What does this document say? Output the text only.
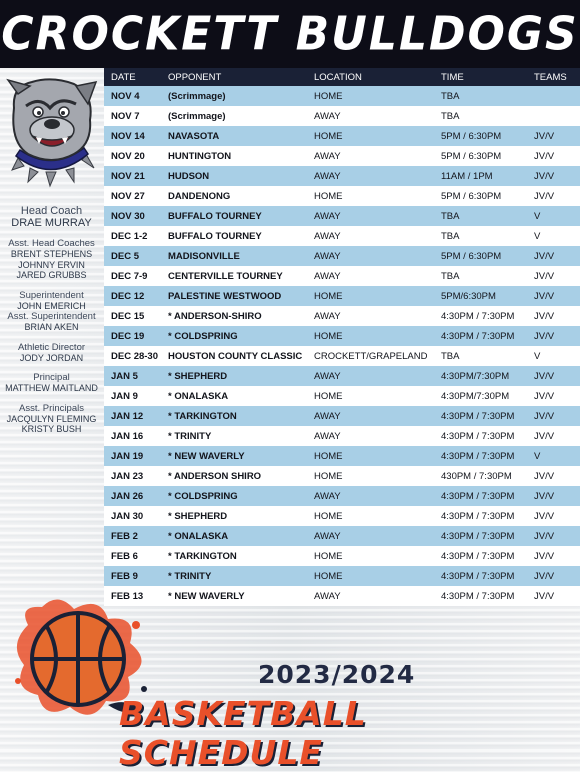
CROCKETT BULLDOGS
Head Coach
DRAE MURRAY
Asst. Head Coaches
BRENT STEPHENS
JOHNNY ERVIN
JARED GRUBBS
Superintendent
JOHN EMERICH
Asst. Superintendent
BRIAN AKEN
Athletic Director
JODY JORDAN
Principal
MATTHEW MAITLAND
Asst. Principals
JACQULYN FLEMING
KRISTY BUSH
DATE	OPPONENT	LOCATION	TIME	TEAMS
NOV 4	(Scrimmage)	HOME	TBA
NOV 7	(Scrimmage)	AWAY	TBA
NOV 14	NAVASOTA	HOME	5PM / 6:30PM	JV/V
NOV 20	HUNTINGTON	AWAY	5PM / 6:30PM	JV/V
NOV 21	HUDSON	AWAY	11AM / 1PM	JV/V
NOV 27	DANDENONG	HOME	5PM / 6:30PM	JV/V
NOV 30	BUFFALO TOURNEY	AWAY	TBA	V
DEC 1-2	BUFFALO TOURNEY	AWAY	TBA	V
DEC 5	MADISONVILLE	AWAY	5PM / 6:30PM	JV/V
DEC 7-9	CENTERVILLE TOURNEY	AWAY	TBA	JV/V
DEC 12	PALESTINE WESTWOOD	HOME	5PM/6:30PM	JV/V
DEC 15	* ANDERSON-SHIRO	AWAY	4:30PM / 7:30PM	JV/V
DEC 19	* COLDSPRING	HOME	4:30PM / 7:30PM	JV/V
DEC 28-30	HOUSTON COUNTY CLASSIC	CROCKETT/GRAPELAND	TBA	V
JAN 5	* SHEPHERD	AWAY	4:30PM/7:30PM	JV/V
JAN 9	* ONALASKA	HOME	4:30PM/7:30PM	JV/V
JAN 12	* TARKINGTON	AWAY	4:30PM / 7:30PM	JV/V
JAN 16	* TRINITY	AWAY	4:30PM / 7:30PM	JV/V
JAN 19	* NEW WAVERLY	HOME	4:30PM / 7:30PM	V
JAN 23	* ANDERSON SHIRO	HOME	430PM / 7:30PM	JV/V
JAN 26	* COLDSPRING	AWAY	4:30PM / 7:30PM	JV/V
JAN 30	* SHEPHERD	HOME	4:30PM / 7:30PM	JV/V
FEB 2	* ONALASKA	AWAY	4:30PM / 7:30PM	JV/V
FEB 6	* TARKINGTON	HOME	4:30PM / 7:30PM	JV/V
FEB 9	* TRINITY	HOME	4:30PM / 7:30PM	JV/V
FEB 13	* NEW WAVERLY	AWAY	4:30PM / 7:30PM	JV/V
2023/2024
BASKETBALL SCHEDULE
